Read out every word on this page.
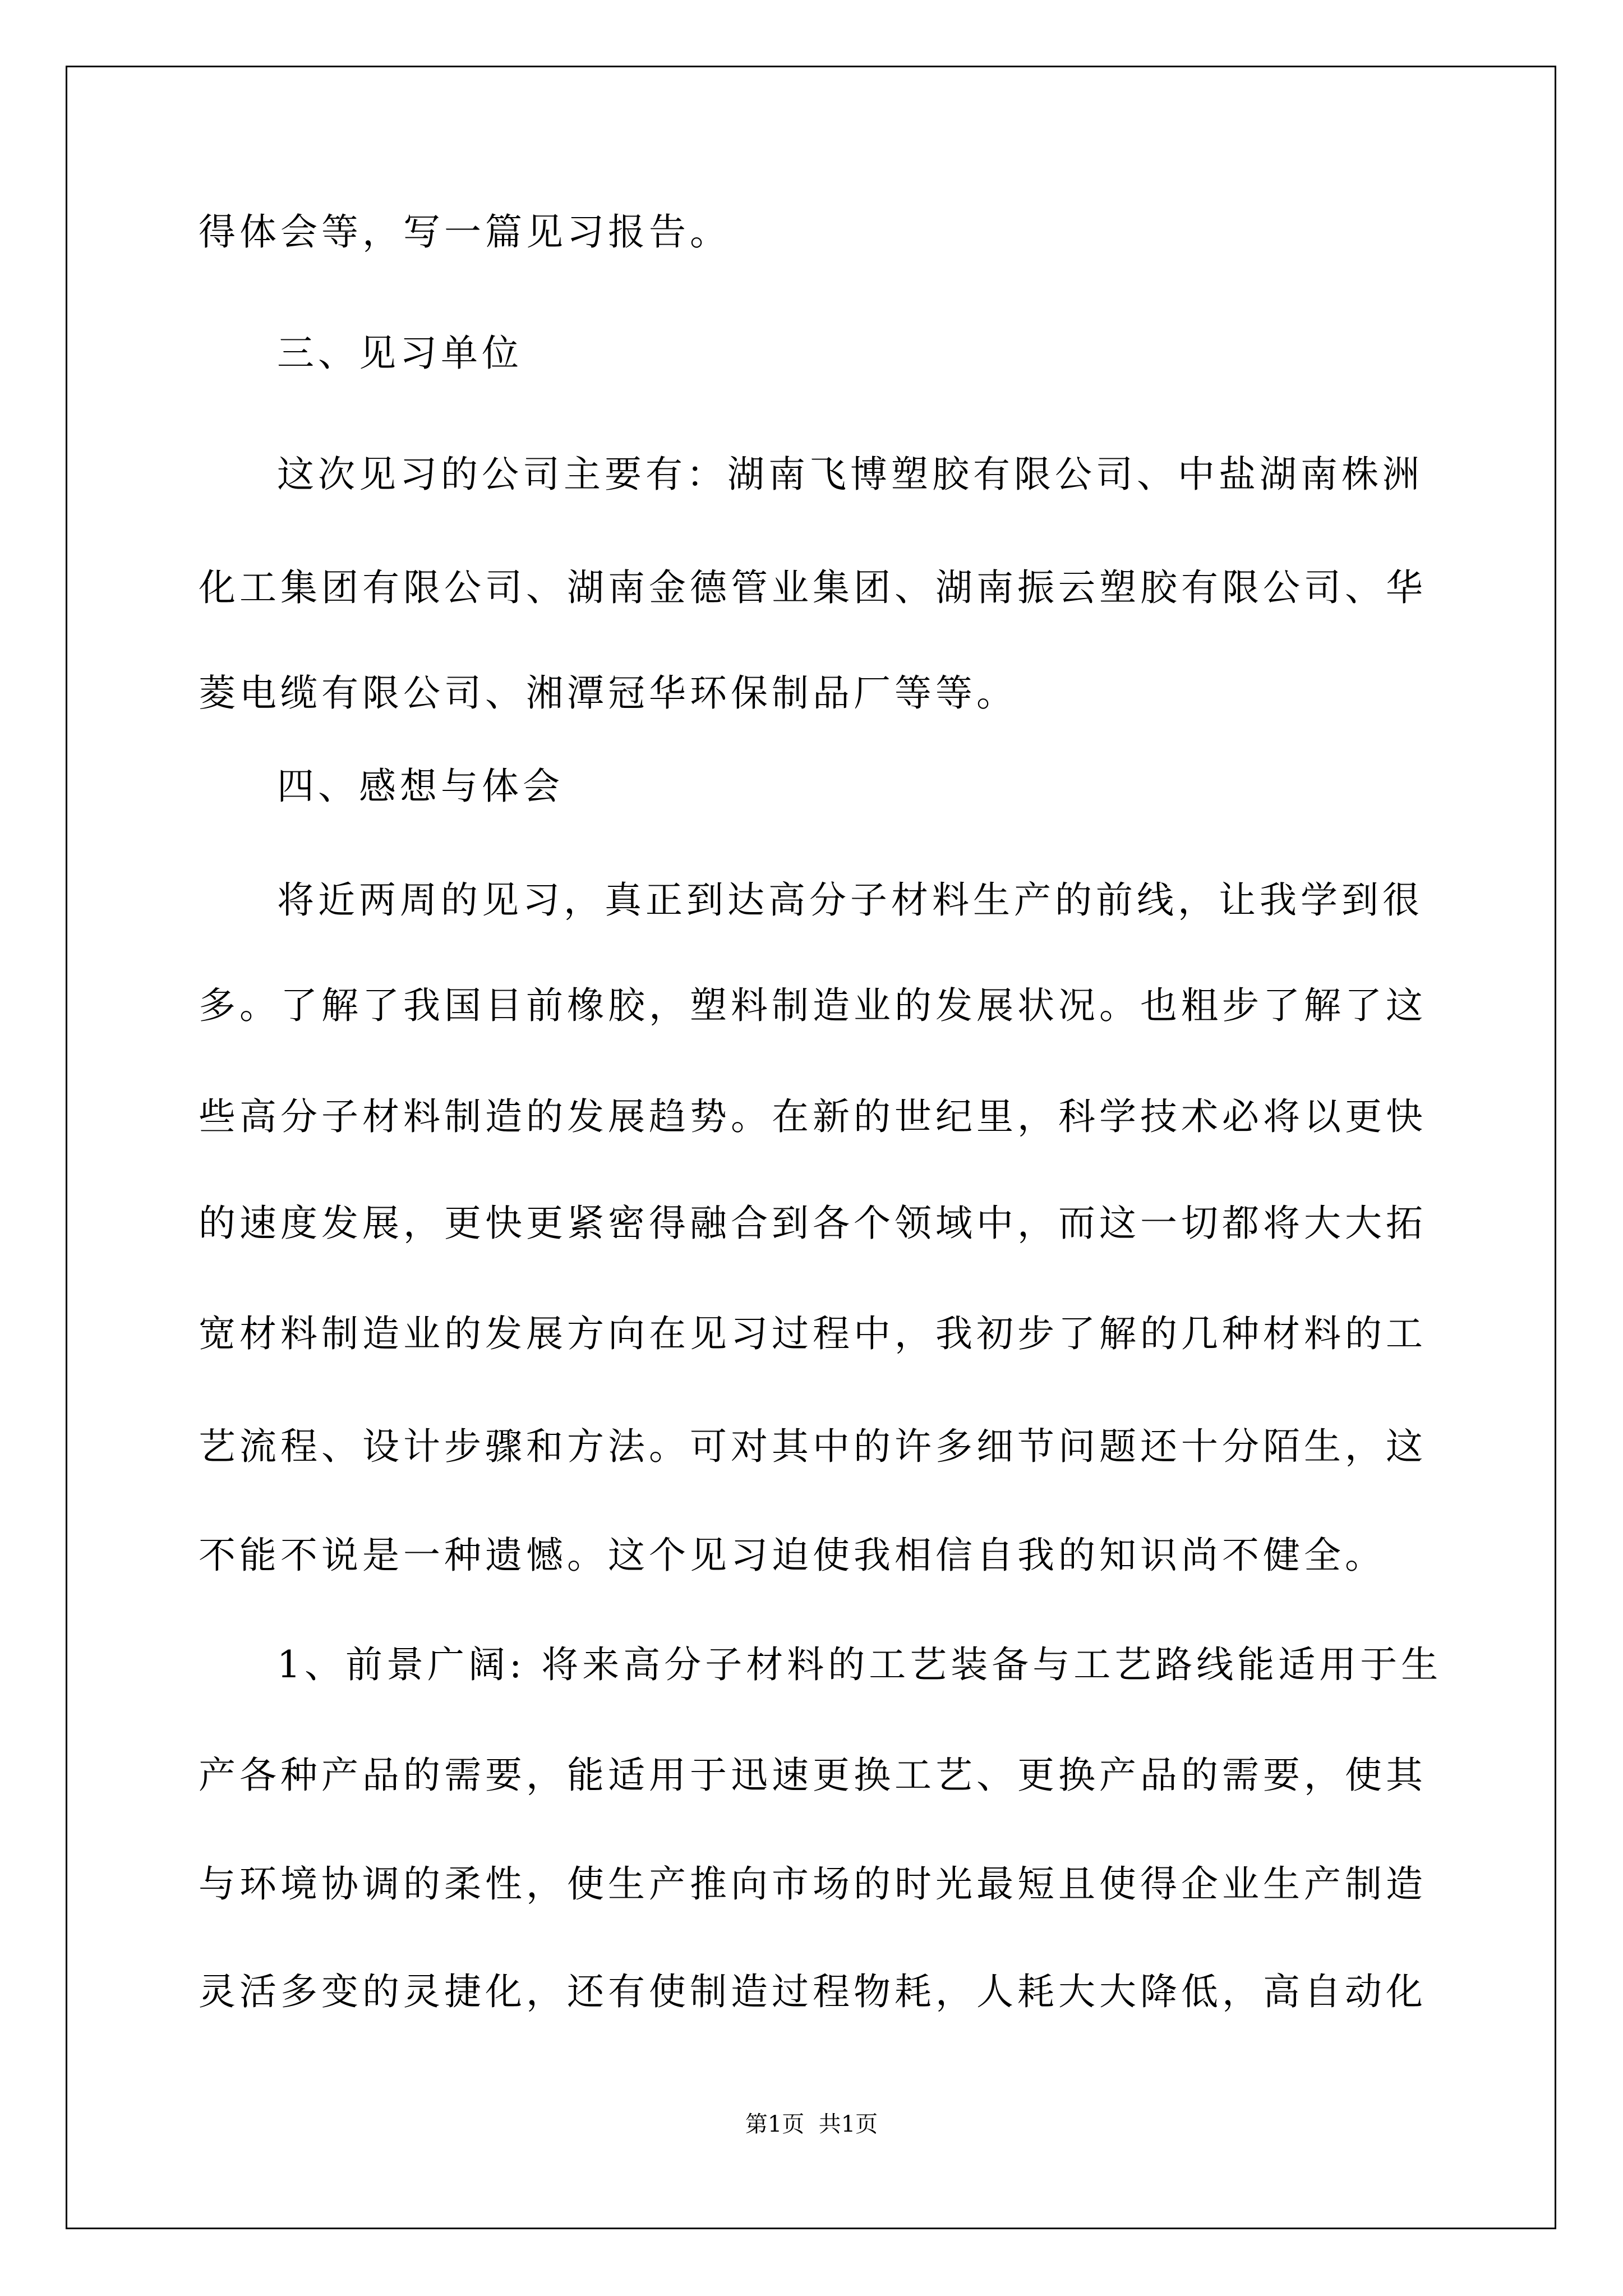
得体会等，写一篇见习报告。
三、见习单位
这次见习的公司主要有：湖南飞博塑胶有限公司、中盐湖南株洲
化工集团有限公司、湖南金德管业集团、湖南振云塑胶有限公司、华
菱电缆有限公司、湘潭冠华环保制品厂等等。
四、感想与体会
将近两周的见习，真正到达高分子材料生产的前线，让我学到很
多。了解了我国目前橡胶，塑料制造业的发展状况。也粗步了解了这
些高分子材料制造的发展趋势。在新的世纪里，科学技术必将以更快
的速度发展，更快更紧密得融合到各个领域中，而这一切都将大大拓
宽材料制造业的发展方向在见习过程中，我初步了解的几种材料的工
艺流程、设计步骤和方法。可对其中的许多细节问题还十分陌生，这
不能不说是一种遗憾。这个见习迫使我相信自我的知识尚不健全。
1、前景广阔: 将来高分子材料的工艺装备与工艺路线能适用于生
产各种产品的需要，能适用于迅速更换工艺、更换产品的需要，使其
与环境协调的柔性，使生产推向市场的时光最短且使得企业生产制造
灵活多变的灵捷化，还有使制造过程物耗，人耗大大降低，高自动化
第1页  共1页
